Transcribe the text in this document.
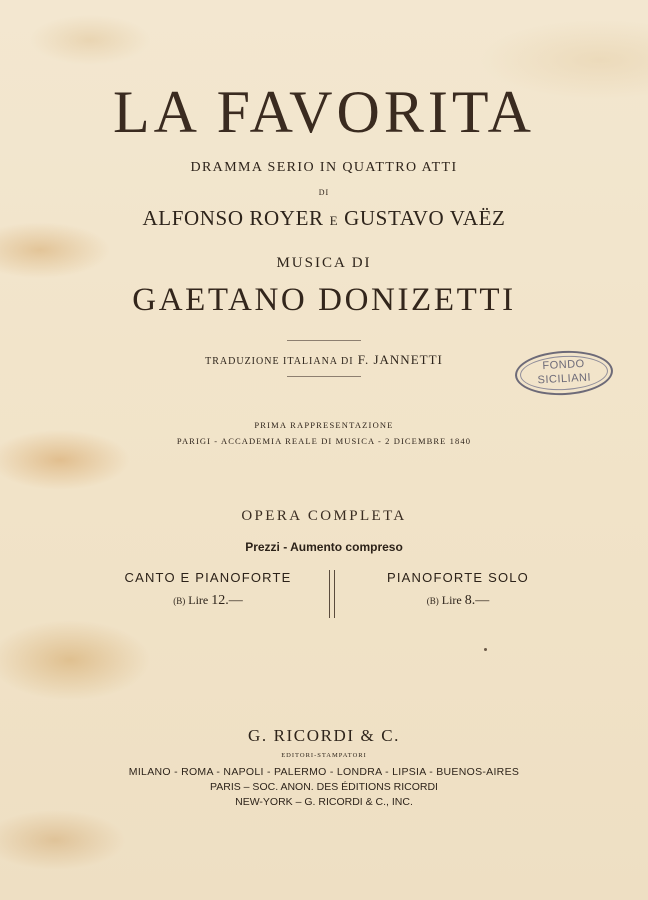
LA FAVORITA
DRAMMA SERIO IN QUATTRO ATTI
DI
ALFONSO ROYER E GUSTAVO VAËZ
MUSICA DI
GAETANO DONIZETTI
TRADUZIONE ITALIANA DI F. JANNETTI
PRIMA RAPPRESENTAZIONE
PARIGI - ACCADEMIA REALE DI MUSICA - 2 DICEMBRE 1840
OPERA COMPLETA
Prezzi - Aumento compreso
CANTO E PIANOFORTE
(B) Lire 12.—
PIANOFORTE SOLO
(B) Lire 8.—
G. RICORDI & C.
EDITORI-STAMPATORI
MILANO - ROMA - NAPOLI - PALERMO - LONDRA - LIPSIA - BUENOS-AIRES
PARIS – SOC. ANON. DES ÉDITIONS RICORDI
NEW-YORK – G. RICORDI & C., INC.
FONDO
SICILIANI
